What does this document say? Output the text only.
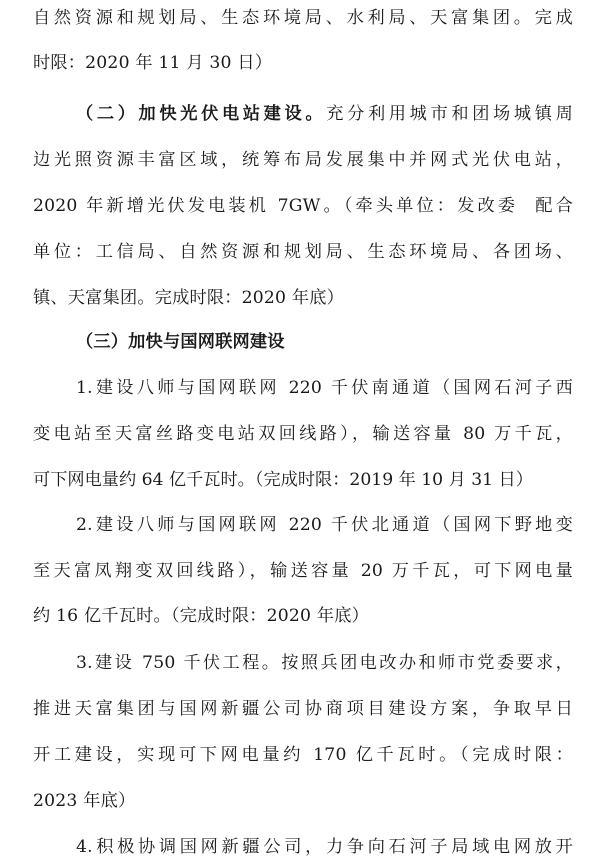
自然资源和规划局、生态环境局、水利局、天富集团。完成
时限：2020 年 11 月 30 日）
（二）加快光伏电站建设。充分利用城市和团场城镇周
边光照资源丰富区域，统筹布局发展集中并网式光伏电站，
2020 年新增光伏发电装机 7GW。（牵头单位：发改委  配合
单位：工信局、自然资源和规划局、生态环境局、各团场、
镇、天富集团。完成时限：2020 年底）
（三）加快与国网联网建设
1.建设八师与国网联网 220 千伏南通道（国网石河子西
变电站至天富丝路变电站双回线路），输送容量 80 万千瓦，
可下网电量约 64 亿千瓦时。（完成时限：2019 年 10 月 31 日）
2.建设八师与国网联网 220 千伏北通道（国网下野地变
至天富凤翔变双回线路），输送容量 20 万千瓦，可下网电量
约 16 亿千瓦时。（完成时限：2020 年底）
3.建设 750 千伏工程。按照兵团电改办和师市党委要求，
推进天富集团与国网新疆公司协商项目建设方案，争取早日
开工建设，实现可下网电量约 170 亿千瓦时。（完成时限：
2023 年底）
4.积极协调国网新疆公司，力争向石河子局域电网放开
